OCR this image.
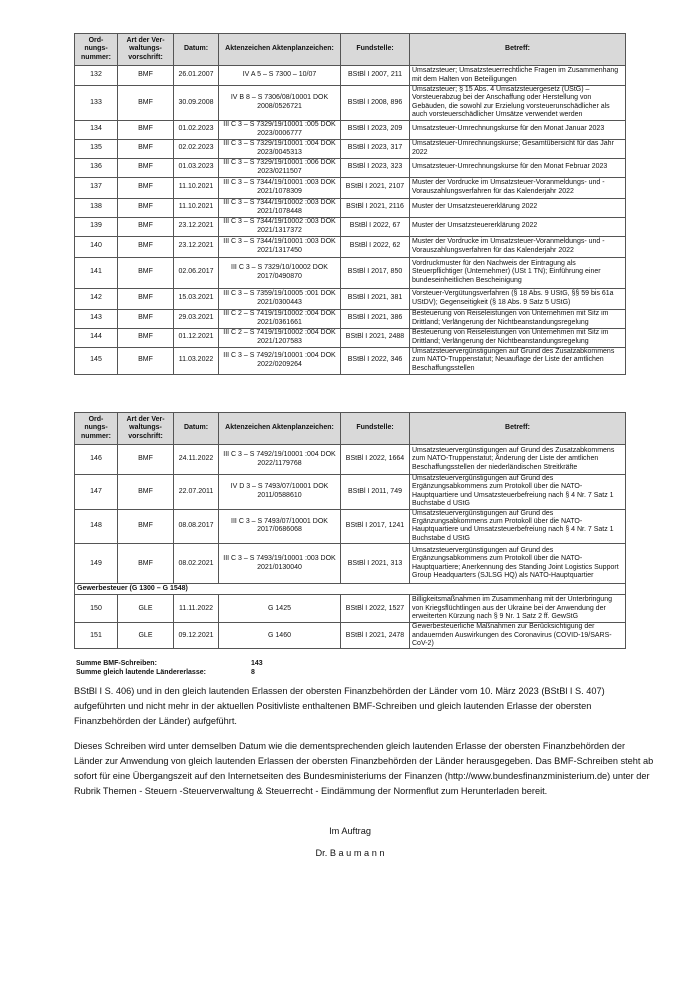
Ord-nungs-nummer:	Art der Ver-waltungs-vorschrift:	Datum:	Aktenzeichen Aktenplanzeichen:	Fundstelle:	Betreff:
132	BMF	26.01.2007	IV A 5 – S 7300 – 10/07	BStBl I 2007, 211	Umsatzsteuer; Umsatzsteuerrechtliche Fragen im Zusammenhang mit dem Halten von Beteiligungen
133	BMF	30.09.2008	IV B 8 – S 7306/08/10001 DOK 2008/0526721	BStBl I 2008, 896	Umsatzsteuer; § 15 Abs. 4 Umsatzsteuergesetz (UStG) – Vorsteuerabzug bei der Anschaffung oder Herstellung von Gebäuden, die sowohl zur Erzielung vorsteuerunschädlicher als auch vorsteuerschädlicher Umsätze verwendet werden
134	BMF	01.02.2023	III C 3 – S 7329/19/10001 :005 DOK 2023/0006777	BStBl I 2023, 209	Umsatzsteuer-Umrechnungskurse für den Monat Januar 2023
135	BMF	02.02.2023	III C 3 – S 7329/19/10001 :004 DOK 2023/0045313	BStBl I 2023, 317	Umsatzsteuer-Umrechnungskurse; Gesamtübersicht für das Jahr 2022
136	BMF	01.03.2023	III C 3 – S 7329/19/10001 :006 DOK 2023/0211507	BStBl I 2023, 323	Umsatzsteuer-Umrechnungskurse für den Monat Februar 2023
137	BMF	11.10.2021	III C 3 – S 7344/19/10001 :003 DOK 2021/1078309	BStBl I 2021, 2107	Muster der Vordrucke im Umsatzsteuer-Voranmeldungs- und -Vorauszahlungsverfahren für das Kalenderjahr 2022
138	BMF	11.10.2021	III C 3 – S 7344/19/10002 :003 DOK 2021/1078448	BStBl I 2021, 2116	Muster der Umsatzsteuererklärung 2022
139	BMF	23.12.2021	III C 3 – S 7344/19/10002 :003 DOK 2021/1317372	BStBl I 2022, 67	Muster der Umsatzsteuererklärung 2022
140	BMF	23.12.2021	III C 3 – S 7344/19/10001 :003 DOK 2021/1317450	BStBl I 2022, 62	Muster der Vordrucke im Umsatzsteuer-Voranmeldungs- und -Vorauszahlungsverfahren für das Kalenderjahr 2022
141	BMF	02.06.2017	III C 3 – S 7329/10/10002 DOK 2017/0490870	BStBl I 2017, 850	Vordruckmuster für den Nachweis der Eintragung als Steuerpflichtiger (Unternehmer) (USt 1 TN); Einführung einer bundeseinheitlichen Bescheinigung
142	BMF	15.03.2021	III C 3 – S 7359/19/10005 :001 DOK 2021/0300443	BStBl I 2021, 381	Vorsteuer-Vergütungsverfahren (§ 18 Abs. 9 UStG, §§ 59 bis 61a UStDV); Gegenseitigkeit (§ 18 Abs. 9 Satz 5 UStG)
143	BMF	29.03.2021	III C 2 – S 7419/19/10002 :004 DOK 2021/0361661	BStBl I 2021, 386	Besteuerung von Reiseleistungen von Unternehmen mit Sitz im Drittland; Verlängerung der Nichtbeanstandungsregelung
144	BMF	01.12.2021	III C 2 – S 7419/19/10002 :004 DOK 2021/1207583	BStBl I 2021, 2488	Besteuerung von Reiseleistungen von Unternehmen mit Sitz im Drittland; Verlängerung der Nichtbeanstandungsregelung
145	BMF	11.03.2022	III C 3 – S 7492/19/10001 :004 DOK 2022/0209264	BStBl I 2022, 346	Umsatzsteuervergünstigungen auf Grund des Zusatzabkommens zum NATO-Truppenstatut; Neuauflage der Liste der amtlichen Beschaffungsstellen
Ord-nungs-nummer:	Art der Ver-waltungs-vorschrift:	Datum:	Aktenzeichen Aktenplanzeichen:	Fundstelle:	Betreff:
146	BMF	24.11.2022	III C 3 – S 7492/19/10001 :004 DOK 2022/1179768	BStBl I 2022, 1664	Umsatzsteuervergünstigungen auf Grund des Zusatzabkommens zum NATO-Truppenstatut; Änderung der Liste der amtlichen Beschaffungsstellen der niederländischen Streitkräfte
147	BMF	22.07.2011	IV D 3 – S 7493/07/10001 DOK 2011/0588610	BStBl I 2011, 749	Umsatzsteuervergünstigungen auf Grund des Ergänzungsabkommens zum Protokoll über die NATO-Hauptquartiere und Umsatzsteuerbefreiung nach § 4 Nr. 7 Satz 1 Buchstabe d UStG
148	BMF	08.08.2017	III C 3 – S 7493/07/10001 DOK 2017/0686068	BStBl I 2017, 1241	Umsatzsteuervergünstigungen auf Grund des Ergänzungsabkommens zum Protokoll über die NATO-Hauptquartiere und Umsatzsteuerbefreiung nach § 4 Nr. 7 Satz 1 Buchstabe d UStG
149	BMF	08.02.2021	III C 3 – S 7493/19/10001 :003 DOK 2021/0130040	BStBl I 2021, 313	Umsatzsteuervergünstigungen auf Grund des Ergänzungsabkommens zum Protokoll über die NATO-Hauptquartiere; Anerkennung des Standing Joint Logistics Support Group Headquarters (SJLSG HQ) als NATO-Hauptquartier
Gewerbesteuer (G 1300 – G 1548)					
150	GLE	11.11.2022	G 1425	BStBl I 2022, 1527	Billigkeitsmaßnahmen im Zusammenhang mit der Unterbringung von Kriegsflüchtlingen aus der Ukraine bei der Anwendung der erweiterten Kürzung nach § 9 Nr. 1 Satz 2 ff. GewStG
151	GLE	09.12.2021	G 1460	BStBl I 2021, 2478	Gewerbesteuerliche Maßnahmen zur Berücksichtigung der andauernden Auswirkungen des Coronavirus (COVID-19/SARS-CoV-2)
Summe BMF-Schreiben:	143
Summe gleich lautende Ländererlasse:	8
BStBl I S. 406) und in den gleich lautenden Erlassen der obersten Finanzbehörden der Länder vom 10. März 2023 (BStBl I S. 407) aufgeführten und nicht mehr in der aktuellen Positivliste enthaltenen BMF-Schreiben und gleich lautenden Erlasse der obersten Finanzbehörden der Länder) aufgeführt.
Dieses Schreiben wird unter demselben Datum wie die dementsprechenden gleich lautenden Erlasse der obersten Finanzbehörden der Länder zur Anwendung von gleich lautenden Erlassen der obersten Finanzbehörden der Länder herausgegeben. Das BMF-Schreiben steht ab sofort für eine Übergangszeit auf den Internetseiten des Bundesministeriums der Finanzen (http://www.bundesfinanzministerium.de) unter der Rubrik Themen - Steuern -Steuerverwaltung & Steuerrecht - Eindämmung der Normenflut zum Herunterladen bereit.
Im Auftrag
Dr. B a u m a n n
